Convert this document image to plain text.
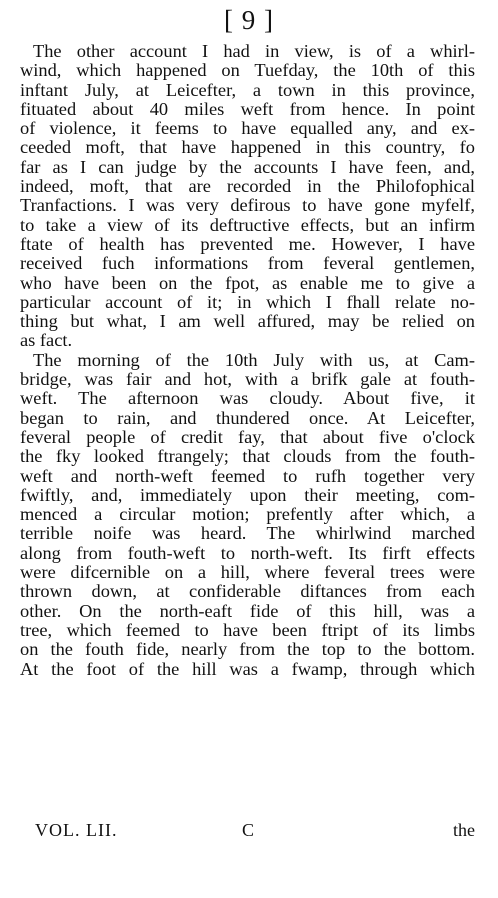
[ 9 ]
The other account I had in view, is of a whirl-
wind, which happened on Tuefday, the 10th of this
inftant July, at Leicefter, a town in this province,
fituated about 40 miles weft from hence. In point
of violence, it feems to have equalled any, and ex-
ceeded moft, that have happened in this country, fo
far as I can judge by the accounts I have feen, and,
indeed, moft, that are recorded in the Philofophical
Tranfactions. I was very defirous to have gone myfelf,
to take a view of its deftructive effects, but an infirm
ftate of health has prevented me. However, I have
received fuch informations from feveral gentlemen,
who have been on the fpot, as enable me to give a
particular account of it; in which I fhall relate no-
thing but what, I am well affured, may be relied on
as fact.
The morning of the 10th July with us, at Cam-
bridge, was fair and hot, with a brifk gale at fouth-
weft. The afternoon was cloudy. About five, it
began to rain, and thundered once. At Leicefter,
feveral people of credit fay, that about five o'clock
the fky looked ftrangely; that clouds from the fouth-
weft and north-weft feemed to rufh together very
fwiftly, and, immediately upon their meeting, com-
menced a circular motion; prefently after which, a
terrible noife was heard. The whirlwind marched
along from fouth-weft to north-weft. Its firft effects
were difcernible on a hill, where feveral trees were
thrown down, at confiderable diftances from each
other. On the north-eaft fide of this hill, was a
tree, which feemed to have been ftript of its limbs
on the fouth fide, nearly from the top to the bottom.
At the foot of the hill was a fwamp, through which
VOL. LII.	C	the
